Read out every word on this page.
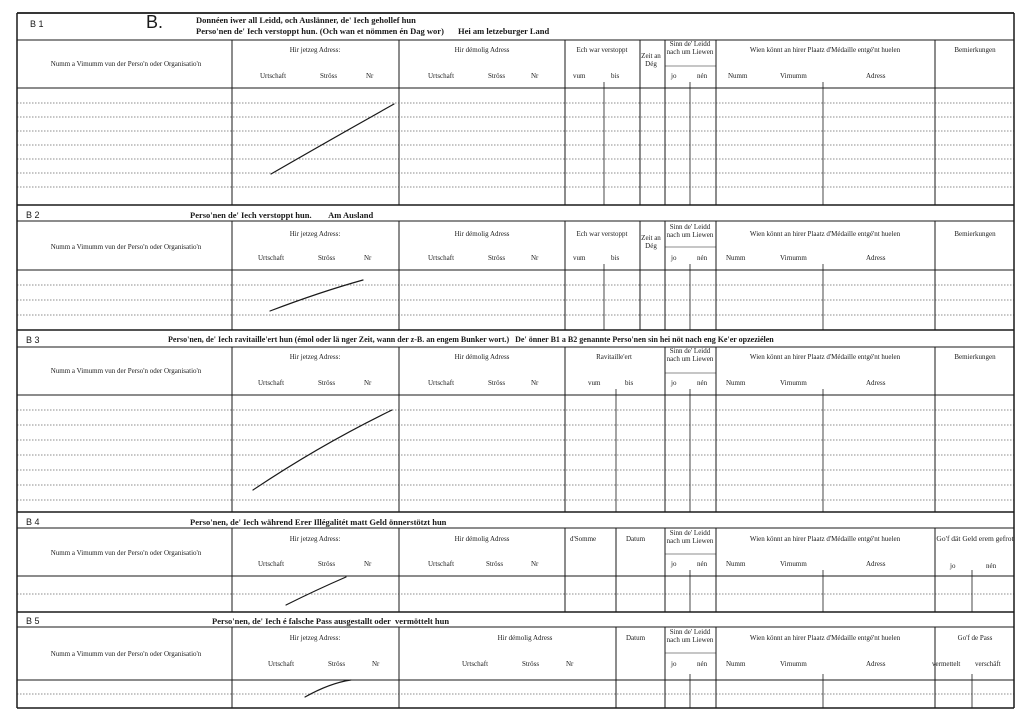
B.	Donnéen iwer all Leidd, och Auslänner, de' Iech gehollef hun
Perso'nen de' Iech verstoppt hun. (Och wan et nömmen én Dag wor) Hei am letzeburger Land
B 1
Numm a Vimumm vun der Perso'n oder Organisatio'n
Hir jetzeg Adress:
Urtschaft	Ströss	Nr
Hir démolig Adress
Urtschaft	Ströss	Nr
Ech war verstoppt
vum	bis
Zeit an Dég
Sinn de' Leidd nach um Liewen
jo	nén
Wien könnt an hirer Plaatz d'Médaille entgé'nt huelen
Numm	Virnumm	Adress
Bemierkungen
B 2	Perso'nen de' Iech verstoppt hun.        Am Ausland
Numm a Vimumm vun der Perso'n oder Organisatio'n
Hir jetzeg Adress:
Urtschaft	Ströss	Nr
Hir démolig Adress
Urtschaft	Ströss	Nr
Ech war verstoppt
vum	bis
Zeit an Dég
Sinn de' Leidd nach um Liewen
jo	nén
Wien könnt an hirer Plaatz d'Médaille entgé'nt huelen
Numm	Virnumm	Adress
Bemierkungen
B 3	Perso'nen, de' Iech ravitaille'ert hun (émol oder lä nger Zeit, wann der z-B. an engem Bunker wort.)   De' önner B1 a B2 genannte Perso'nen sin hei nöt nach eng Ke'er opzeziélen
Numm a Vimumm vun der Perso'n oder Organisatio'n
Hir jetzeg Adress:
Urtschaft	Ströss	Nr
Hir démolig Adress
Urtschaft	Ströss	Nr
Ravitaille'ert
vum	bis
Sinn de' Leidd nach um Liewen
jo	nén
Wien könnt an hirer Plaatz d'Médaille entgé'nt huelen
Numm	Virnumm	Adress
Bemierkungen
B 4	Perso'nen, de' Iech während Erer Illégalitét matt Geld önnerstötzt hun
Numm a Vimumm vun der Perso'n oder Organisatio'n
Hir jetzeg Adress:
Urtschaft	Ströss	Nr
Hir démolig Adress
Urtschaft	Ströss	Nr
d'Somme	Datum
Sinn de' Leidd nach um Liewen
jo	nén
Wien könnt an hirer Plaatz d'Médaille entgé'nt huelen
Numm	Virnumm	Adress
Go'f dät Geld erem gefrot
jo	nén
B 5	Perso'nen, de' Iech é falsche Pass ausgestallt oder  vermöttelt hun
Numm a Vimumm vun der Perso'n oder Organisatio'n
Hir jetzeg Adress:
Urtschaft	Ströss	Nr
Hir démolig Adress
Urtschaft	Ströss	Nr
Datum
Sinn de' Leidd nach um Liewen
jo	nén
Wien könnt an hirer Plaatz d'Médaille entgé'nt huelen
Numm	Virnumm	Adress
Go'f de Pass
vermettelt verschäft
